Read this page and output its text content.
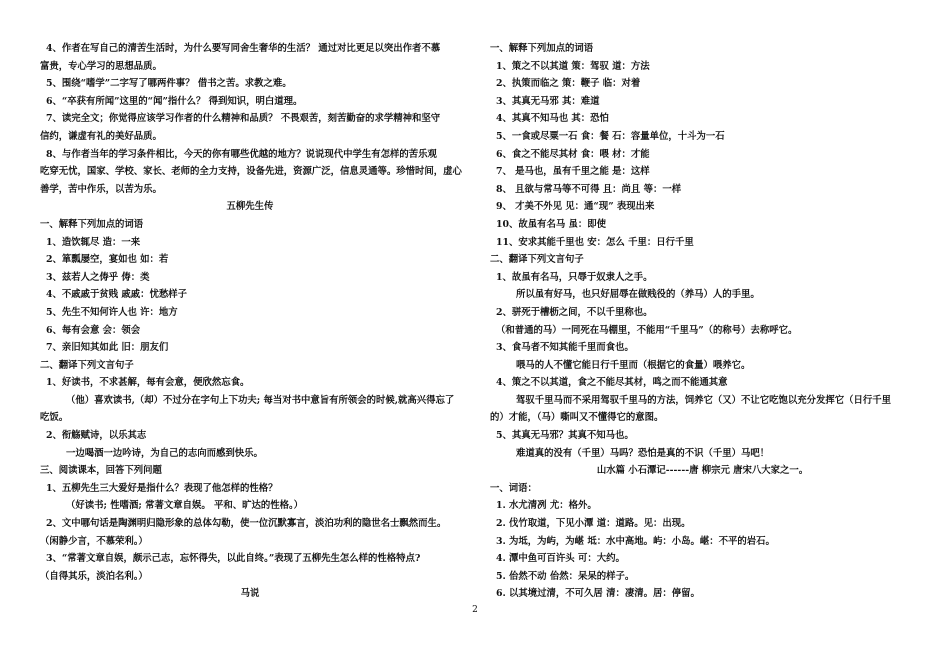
4、作者在写自己的清苦生活时，为什么要写同舍生奢华的生活？ 通过对比更足以突出作者不慕
富贵，专心学习的思想品质。
5、围绕“嗜学”二字写了哪两件事？ 借书之苦。求教之难。
6、“卒获有所闻”这里的“闻”指什么？ 得到知识，明白道理。
7、读完全文；你觉得应该学习作者的什么精神和品质？ 不畏艰苦，刻苦勤奋的求学精神和坚守
信约，谦虚有礼的美好品质。
8、与作者当年的学习条件相比，今天的你有哪些优越的地方？说说现代中学生有怎样的苦乐观
吃穿无忧，国家、学校、家长、老师的全力支持，设备先进，资源广泛，信息灵通等。珍惜时间，虚心
善学，苦中作乐，以苦为乐。
五柳先生传
一、解释下列加点的词语
1、造饮辄尽 造：一来
2、箪瓢屡空，宴如也 如：若
3、兹若人之俦乎 俦：类
4、不戚戚于贫贱 戚戚：忧愁样子
5、先生不知何许人也 许：地方
6、每有会意 会：领会
7、亲旧知其如此 旧：朋友们
二、翻译下列文言句子
1、好读书，不求甚解，每有会意，便欣然忘食。
（他）喜欢读书,（却）不过分在字句上下功夫; 每当对书中意旨有所领会的时候,就高兴得忘了
吃饭。
2、衔觞赋诗，以乐其志
一边喝酒一边吟诗，为自己的志向而感到快乐。
三、阅读课本，回答下列问题
1、五柳先生三大爱好是指什么？表现了他怎样的性格？
（好读书; 性嗜酒; 常著文章自娱。 平和、旷达的性格。）
2、文中哪句话是陶渊明归隐形象的总体勾勒，使一位沉默寡言，淡泊功利的隐世名士飘然而生。
（闲静少言，不慕荣利。）
3、“常著文章自娱，颇示己志，忘怀得失，以此自终。”表现了五柳先生怎么样的性格特点?
（自得其乐，淡泊名利。）
马说
一、解释下列加点的词语
1、策之不以其道 策：驾驭 道：方法
2、执策而临之 策：鞭子 临：对着
3、其真无马邪 其：难道
4、其真不知马也 其：恐怕
5、一食或尽粟一石 食：餐 石：容量单位，十斗为一石
6、食之不能尽其材 食：喂 材：才能
7、 是马也，虽有千里之能 是：这样
8、 且欲与常马等不可得 且：尚且 等：一样
9、 才美不外见 见：通“现” 表现出来
10、故虽有名马 虽：即使
11、安求其能千里也 安：怎么 千里：日行千里
二、翻译下列文言句子
1、故虽有名马，只辱于奴隶人之手。
所以虽有好马，也只好屈辱在做贱役的（养马）人的手里。
2、骈死于槽枥之间，不以千里称也。
（和普通的马）一同死在马棚里，不能用“千里马”（的称号）去称呼它。
3、食马者不知其能千里而食也。
喂马的人不懂它能日行千里而（根据它的食量）喂养它。
4、策之不以其道，食之不能尽其材，鸣之而不能通其意
驾驭千里马而不采用驾驭千里马的方法，饲养它（又）不让它吃饱以充分发挥它（日行千里
的）才能，（马）嘶叫又不懂得它的意图。
5、其真无马邪？其真不知马也。
难道真的没有（千里）马吗？恐怕是真的不识（千里）马吧！
山水篇 小石潭记------唐 柳宗元 唐宋八大家之一。
一、词语：
1. 水尤清冽 尤：格外。
2. 伐竹取道，下见小潭 道：道路。见：出现。
3. 为坻，为屿，为嵁 坻：水中高地。屿：小岛。嵁：不平的岩石。
4. 潭中鱼可百许头 可：大约。
5. 佁然不动 佁然：呆呆的样子。
6. 以其境过清，不可久居 清：凄清。居：停留。
2
